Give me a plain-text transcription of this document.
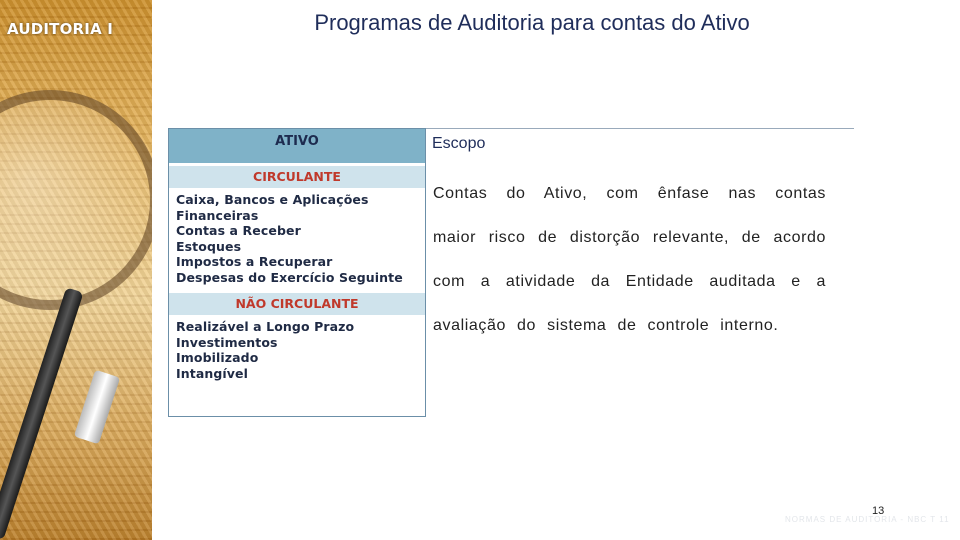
AUDITORIA I	Programas de Auditoria para contas do Ativo
ATIVO
CIRCULANTE
Caixa, Bancos e Aplicações
Financeiras
Contas a Receber
Estoques
Impostos a Recuperar
Despesas do Exercício Seguinte
NÃO CIRCULANTE
Realizável a Longo Prazo
Investimentos
Imobilizado
Intangível
Escopo
Contas do Ativo, com ênfase nas contas maior risco de distorção relevante, de acordo com a atividade da Entidade auditada e a avaliação do sistema de controle interno.
NORMAS DE AUDITORIA - NBC T 11
13
